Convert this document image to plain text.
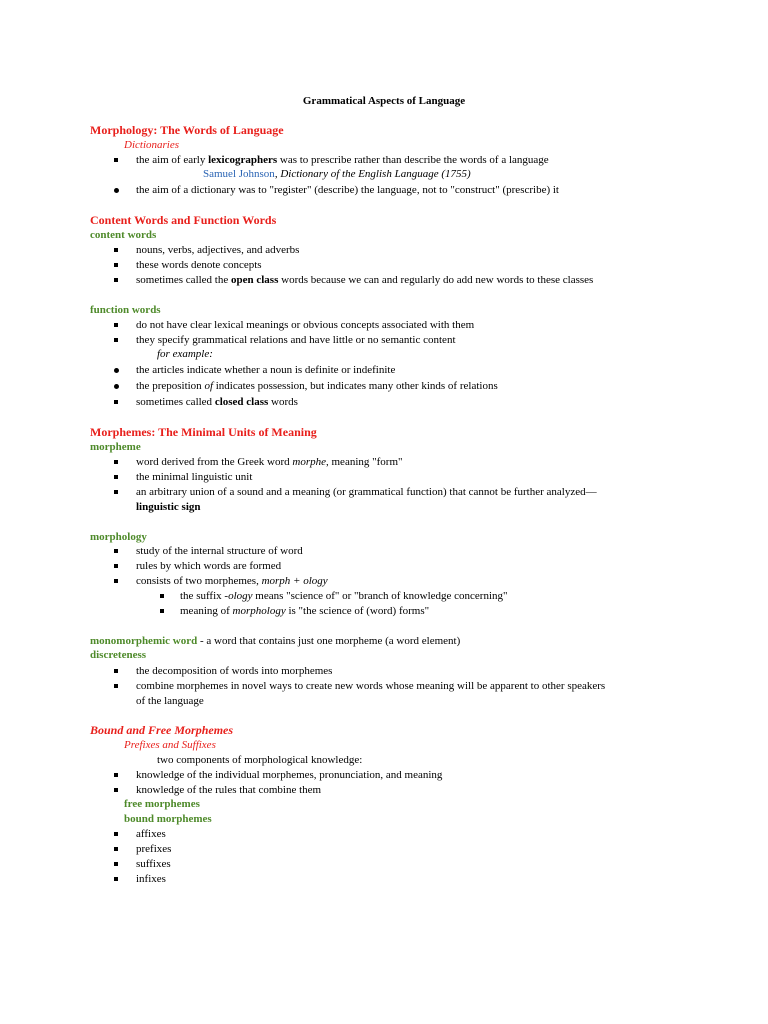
Grammatical Aspects of Language
Morphology: The Words of Language
Dictionaries
the aim of early lexicographers was to prescribe rather than describe the words of a language
Samuel Johnson, Dictionary of the English Language (1755)
the aim of a dictionary was to "register" (describe) the language, not to "construct" (prescribe) it
Content Words and Function Words
content words
nouns, verbs, adjectives, and adverbs
these words denote concepts
sometimes called the open class words because we can and regularly do add new words to these classes
function words
do not have clear lexical meanings or obvious concepts associated with them
they specify grammatical relations and have little or no semantic content
for example:
the articles indicate whether a noun is definite or indefinite
the preposition of indicates possession, but indicates many other kinds of relations
sometimes called closed class words
Morphemes: The Minimal Units of Meaning
morpheme
word derived from the Greek word morphe, meaning "form"
the minimal linguistic unit
an arbitrary union of a sound and a meaning (or grammatical function) that cannot be further analyzed—
linguistic sign
morphology
study of the internal structure of word
rules by which words are formed
consists of two morphemes, morph + ology
the suffix -ology means "science of" or "branch of knowledge concerning"
meaning of morphology is "the science of (word) forms"
monomorphemic word - a word that contains just one morpheme (a word element)
discreteness
the decomposition of words into morphemes
combine morphemes in novel ways to create new words whose meaning will be apparent to other speakers
of the language
Bound and Free Morphemes
Prefixes and Suffixes
two components of morphological knowledge:
knowledge of the individual morphemes, pronunciation, and meaning
knowledge of the rules that combine them
free morphemes
bound morphemes
affixes
prefixes
suffixes
infixes
